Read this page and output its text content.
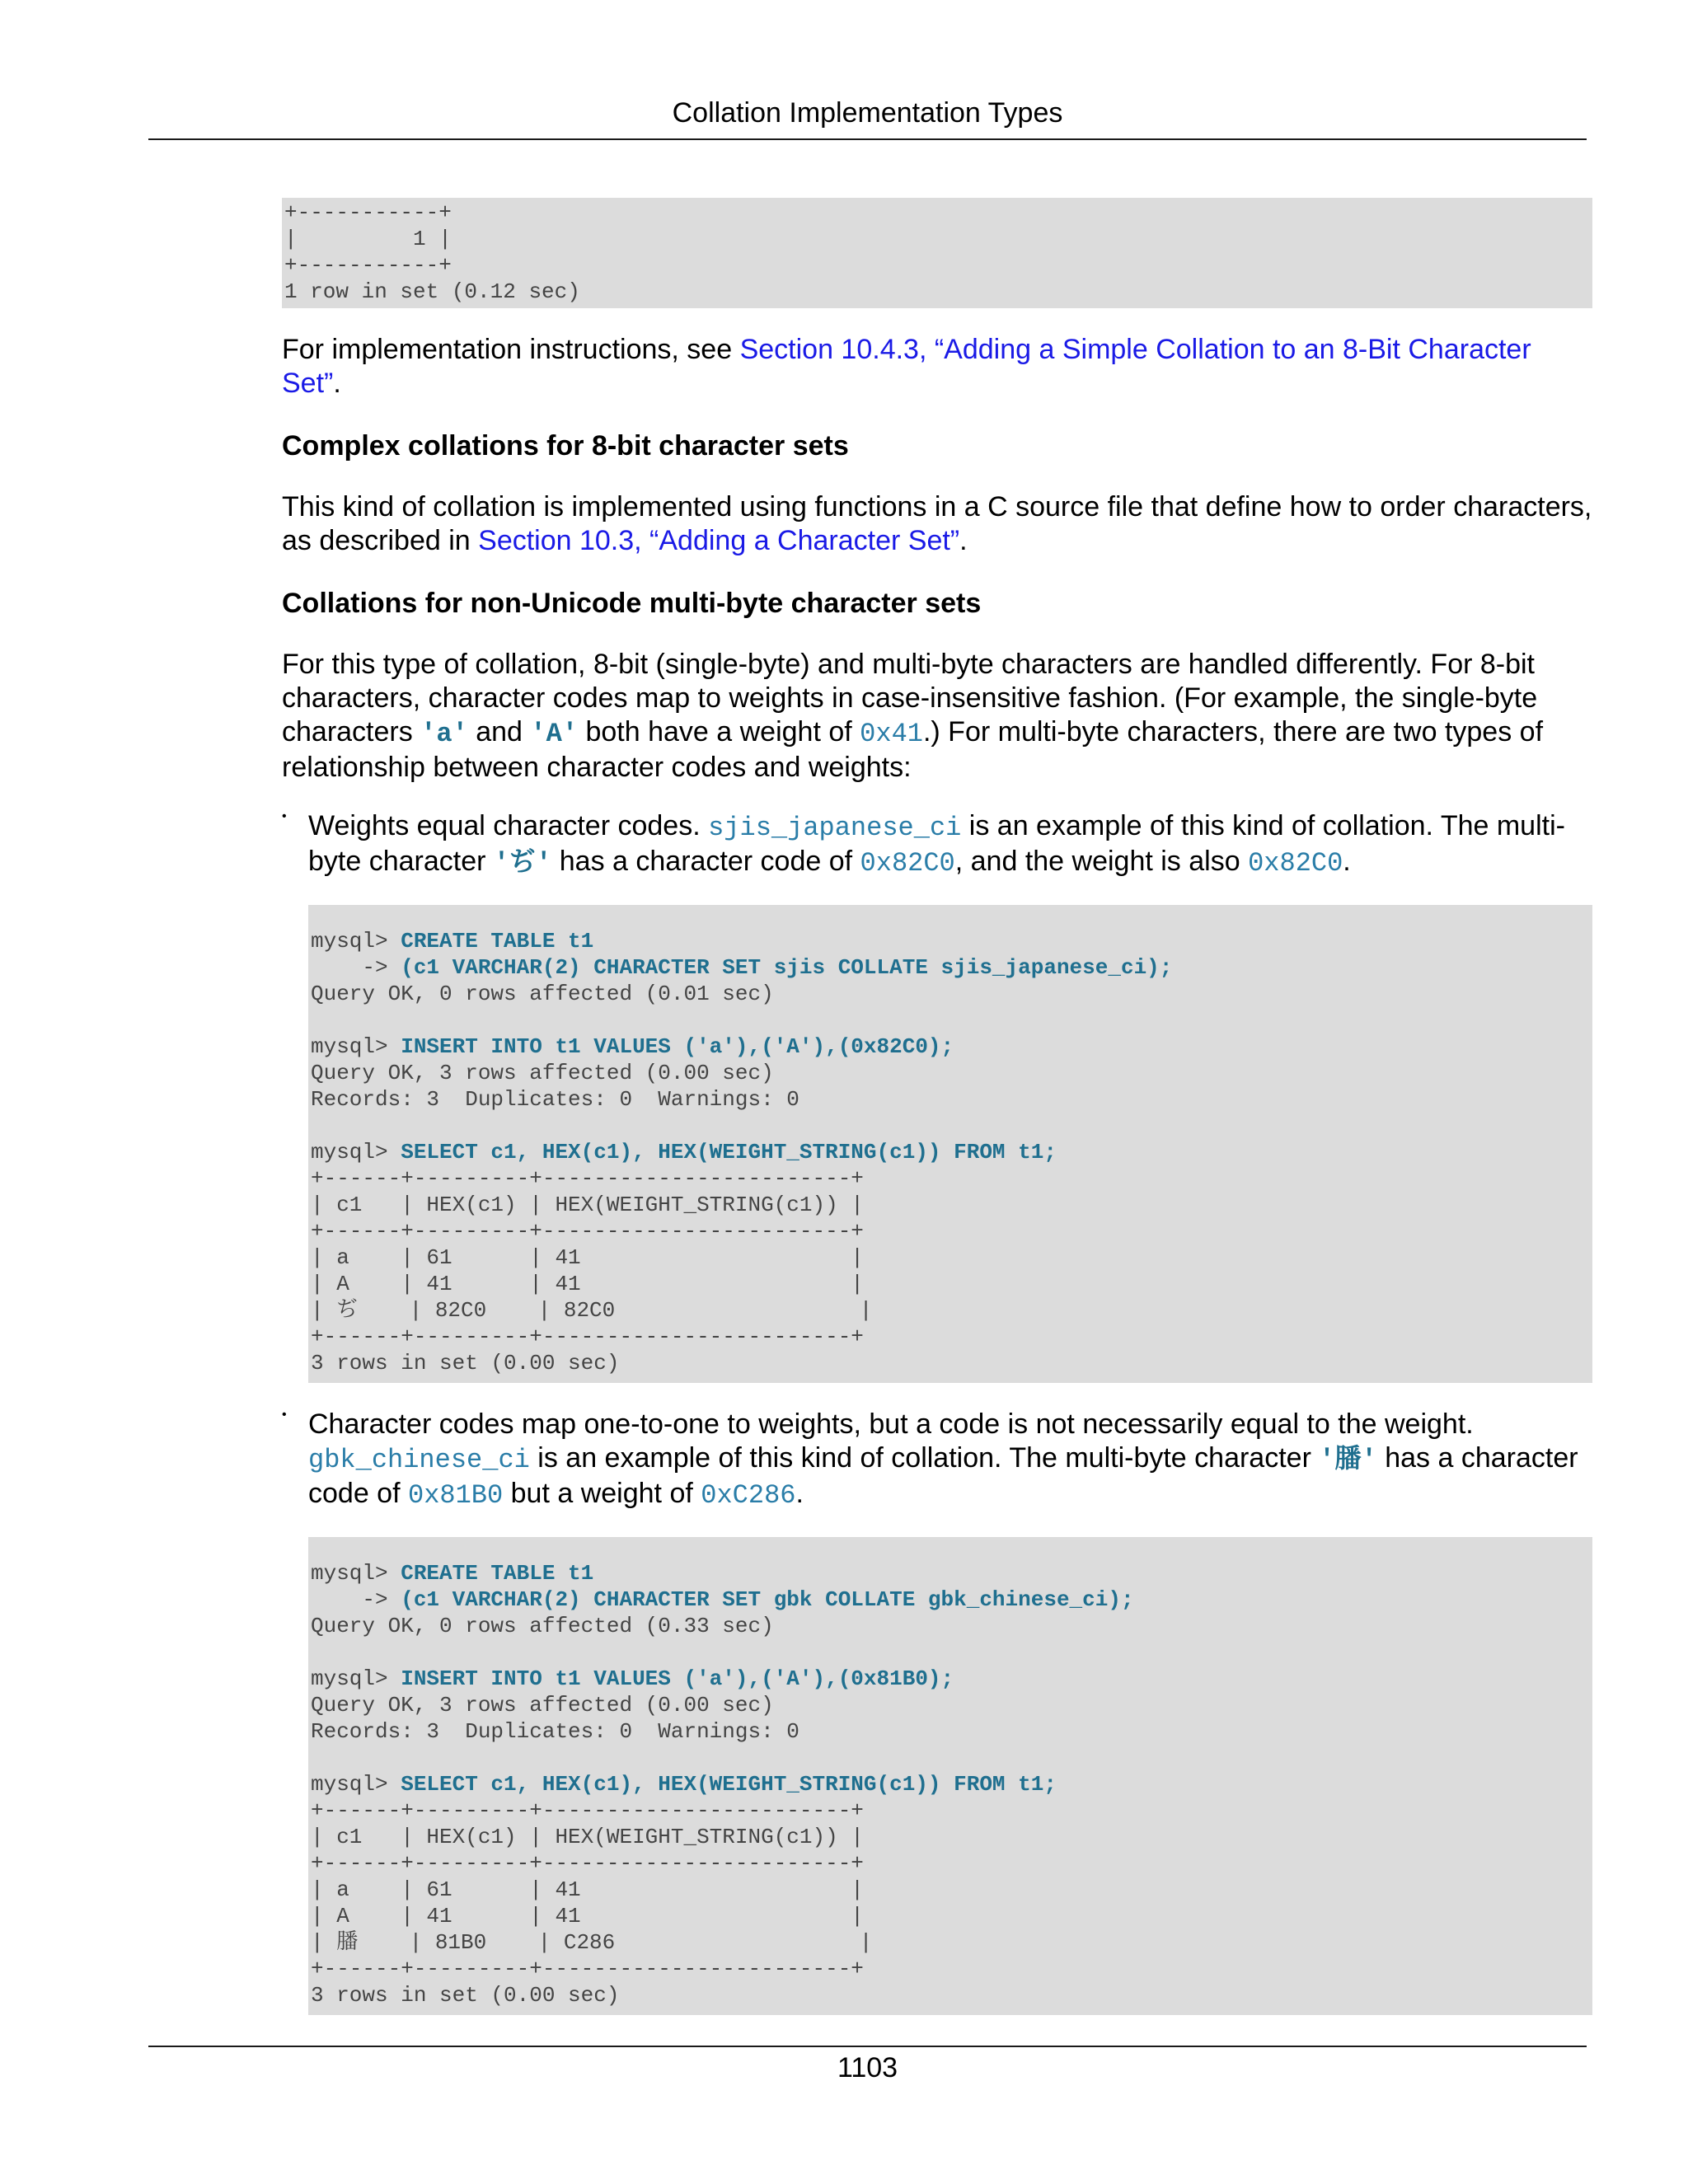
Collation Implementation Types
+-----------+
|         1 |
+-----------+
1 row in set (0.12 sec)

For implementation instructions, see Section 10.4.3, “Adding a Simple Collation to an 8-Bit Character Set”.

Complex collations for 8-bit character sets

This kind of collation is implemented using functions in a C source file that define how to order characters, as described in Section 10.3, “Adding a Character Set”.

Collations for non-Unicode multi-byte character sets

For this type of collation, 8-bit (single-byte) and multi-byte characters are handled differently. For 8-bit characters, character codes map to weights in case-insensitive fashion. (For example, the single-byte characters 'a' and 'A' both have a weight of 0x41.) For multi-byte characters, there are two types of relationship between character codes and weights:

• Weights equal character codes. sjis_japanese_ci is an example of this kind of collation. The multi-byte character 'ぢ' has a character code of 0x82C0, and the weight is also 0x82C0.

mysql> CREATE TABLE t1
-> (c1 VARCHAR(2) CHARACTER SET sjis COLLATE sjis_japanese_ci);
Query OK, 0 rows affected (0.01 sec)

mysql> INSERT INTO t1 VALUES ('a'),('A'),(0x82C0);
Query OK, 3 rows affected (0.00 sec)
Records: 3  Duplicates: 0  Warnings: 0

mysql> SELECT c1, HEX(c1), HEX(WEIGHT_STRING(c1)) FROM t1;
+------+---------+------------------------+
| c1   | HEX(c1) | HEX(WEIGHT_STRING(c1)) |
+------+---------+------------------------+
| a    | 61      | 41                     |
| A    | 41      | 41                     |
| ぢ    | 82C0    | 82C0                   |
+------+---------+------------------------+
3 rows in set (0.00 sec)
• Character codes map one-to-one to weights, but a code is not necessarily equal to the weight. gbk_chinese_ci is an example of this kind of collation. The multi-byte character '膰' has a character code of 0x81B0 but a weight of 0xC286.

mysql> CREATE TABLE t1
-> (c1 VARCHAR(2) CHARACTER SET gbk COLLATE gbk_chinese_ci);
Query OK, 0 rows affected (0.33 sec)

mysql> INSERT INTO t1 VALUES ('a'),('A'),(0x81B0);
Query OK, 3 rows affected (0.00 sec)
Records: 3  Duplicates: 0  Warnings: 0

mysql> SELECT c1, HEX(c1), HEX(WEIGHT_STRING(c1)) FROM t1;
+------+---------+------------------------+
| c1   | HEX(c1) | HEX(WEIGHT_STRING(c1)) |
+------+---------+------------------------+
| a    | 61      | 41                     |
| A    | 41      | 41                     |
| 膰    | 81B0    | C286                   |
+------+---------+------------------------+
3 rows in set (0.00 sec)
1103
